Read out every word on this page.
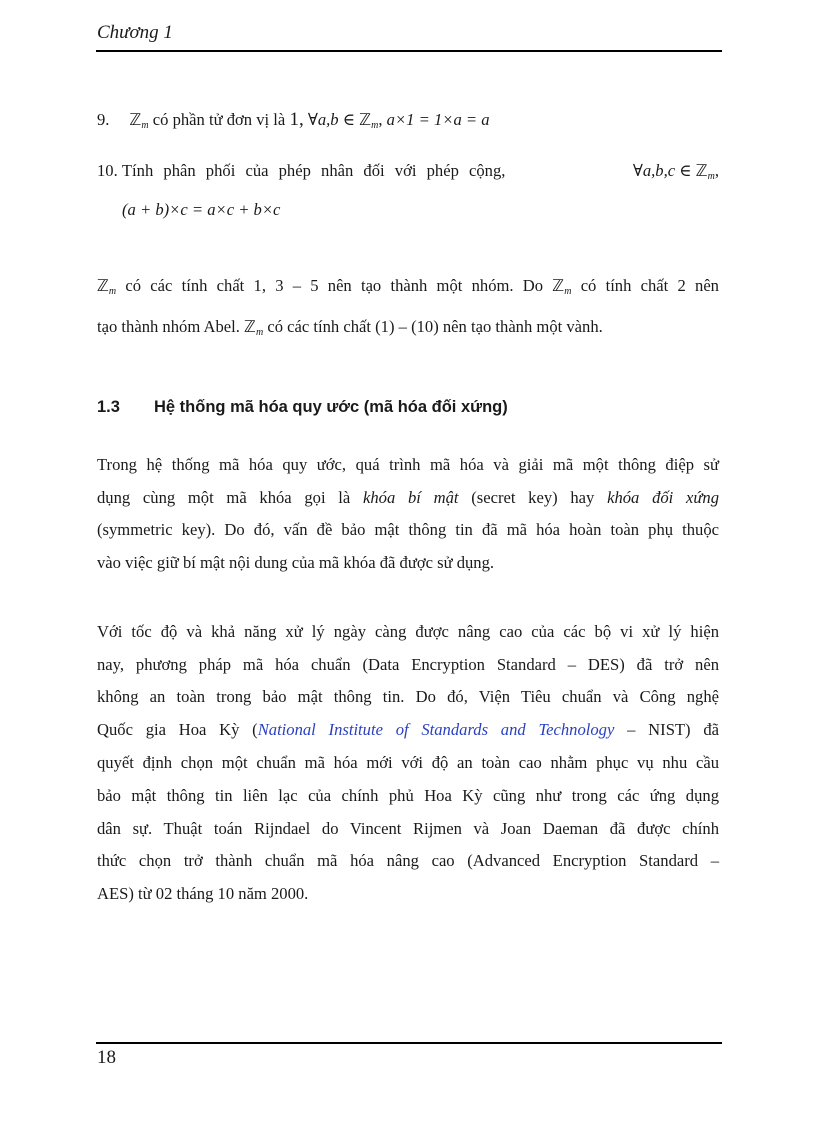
Chương 1
9. ℤ$_m$ có phần tử đơn vị là 1, ∀a,b ∈ ℤ$_m$, a×1 = 1×a = a
10. Tính phân phối của phép nhân đối với phép cộng,	∀a,b,c ∈ ℤ$_m$,
(a + b)×c = a×c + b×c
ℤ$_m$ có các tính chất 1, 3 – 5 nên tạo thành một nhóm. Do ℤ$_m$ có tính chất 2 nên
tạo thành nhóm Abel. ℤ$_m$ có các tính chất (1) – (10) nên tạo thành một vành.
1.3 Hệ thống mã hóa quy ước (mã hóa đối xứng)
Trong hệ thống mã hóa quy ước, quá trình mã hóa và giải mã một thông điệp sử
dụng cùng một mã khóa gọi là khóa bí mật (secret key) hay khóa đối xứng
(symmetric key). Do đó, vấn đề bảo mật thông tin đã mã hóa hoàn toàn phụ thuộc
vào việc giữ bí mật nội dung của mã khóa đã được sử dụng.
Với tốc độ và khả năng xử lý ngày càng được nâng cao của các bộ vi xử lý hiện
nay, phương pháp mã hóa chuẩn (Data Encryption Standard – DES) đã trở nên
không an toàn trong bảo mật thông tin. Do đó, Viện Tiêu chuẩn và Công nghệ
Quốc gia Hoa Kỳ (National Institute of Standards and Technology – NIST) đã
quyết định chọn một chuẩn mã hóa mới với độ an toàn cao nhằm phục vụ nhu cầu
bảo mật thông tin liên lạc của chính phủ Hoa Kỳ cũng như trong các ứng dụng
dân sự. Thuật toán Rijndael do Vincent Rijmen và Joan Daeman đã được chính
thức chọn trở thành chuẩn mã hóa nâng cao (Advanced Encryption Standard –
AES) từ 02 tháng 10 năm 2000.
18
